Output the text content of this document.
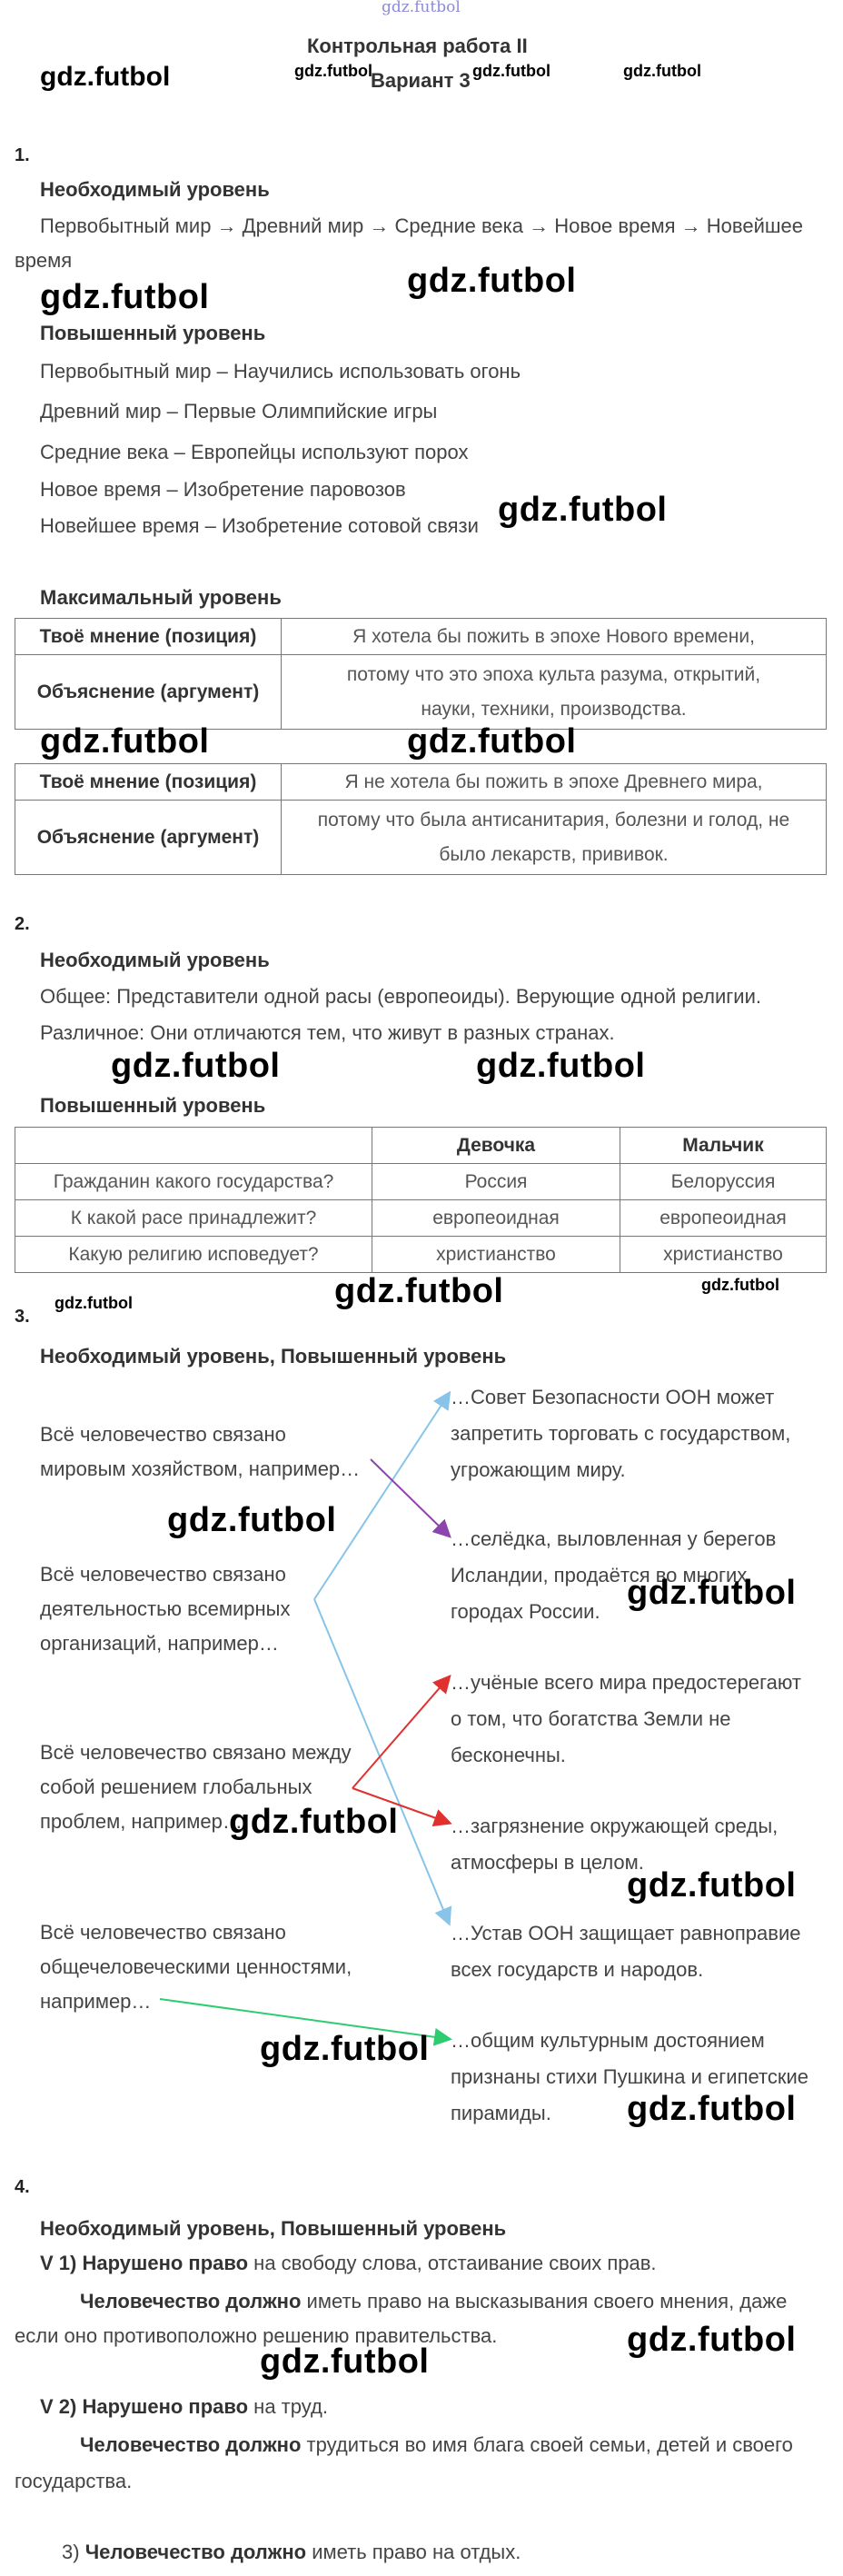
gdz.futbol
Контрольная работа II
Вариант 3
gdz.futbol	gdz.futbol	gdz.futbol
gdz.futbol
1.
Необходимый уровень
Первобытный мир → Древний мир → Средние века → Новое время → Новейшее
время
gdz.futbol	gdz.futbol
Повышенный уровень
Первобытный мир – Научились использовать огонь
Древний мир – Первые Олимпийские игры
Средние века – Европейцы используют порох
Новое время – Изобретение паровозов
Новейшее время – Изобретение сотовой связи gdz.futbol
Максимальный уровень
Твоё мнение (позиция)	Я хотела бы пожить в эпохе Нового времени,
Объяснение (аргумент)	потому что это эпоха культа разума, открытий,
науки, техники, производства.
gdz.futbol	gdz.futbol
Твоё мнение (позиция)	Я не хотела бы пожить в эпохе Древнего мира,
Объяснение (аргумент)	потому что была антисанитария, болезни и голод, не
было лекарств, прививок.
2.
Необходимый уровень
Общее: Представители одной расы (европеоиды). Верующие одной религии.
Различное: Они отличаются тем, что живут в разных странах.
gdz.futbol	gdz.futbol
Повышенный уровень
	Девочка	Мальчик
Гражданин какого государства?	Россия	Белоруссия
К какой расе принадлежит?	европеоидная	европеоидная
Какую религию исповедует?	христианство	христианство
3.
gdz.futbol	gdz.futbol	gdz.futbol
Необходимый уровень, Повышенный уровень
Всё человечество связано
мировым хозяйством, например…
Всё человечество связано
деятельностью всемирных
организаций, например…
Всё человечество связано между
собой решением глобальных
проблем, например…
Всё человечество связано
общечеловеческими ценностями,
например…
…Совет Безопасности ООН может
запретить торговать с государством,
угрожающим миру.
…селёдка, выловленная у берегов
Исландии, продаётся во многих
городах России.
…учёные всего мира предостерегают
о том, что богатства Земли не
бесконечны.
…загрязнение окружающей среды,
атмосферы в целом.
…Устав ООН защищает равноправие
всех государств и народов.
…общим культурным достоянием
признаны стихи Пушкина и египетские
пирамиды.
gdz.futbol
gdz.futbol
gdz.futbol
gdz.futbol
gdz.futbol
gdz.futbol
4.
Необходимый уровень, Повышенный уровень
V 1) Нарушено право на свободу слова, отстаивание своих прав.
Человечество должно иметь право на высказывания своего мнения, даже
если оно противоположно решению правительства.	gdz.futbol
gdz.futbol
V 2) Нарушено право на труд.
Человечество должно трудиться во имя блага своей семьи, детей и своего
государства.
3) Человечество должно иметь право на отдых.
